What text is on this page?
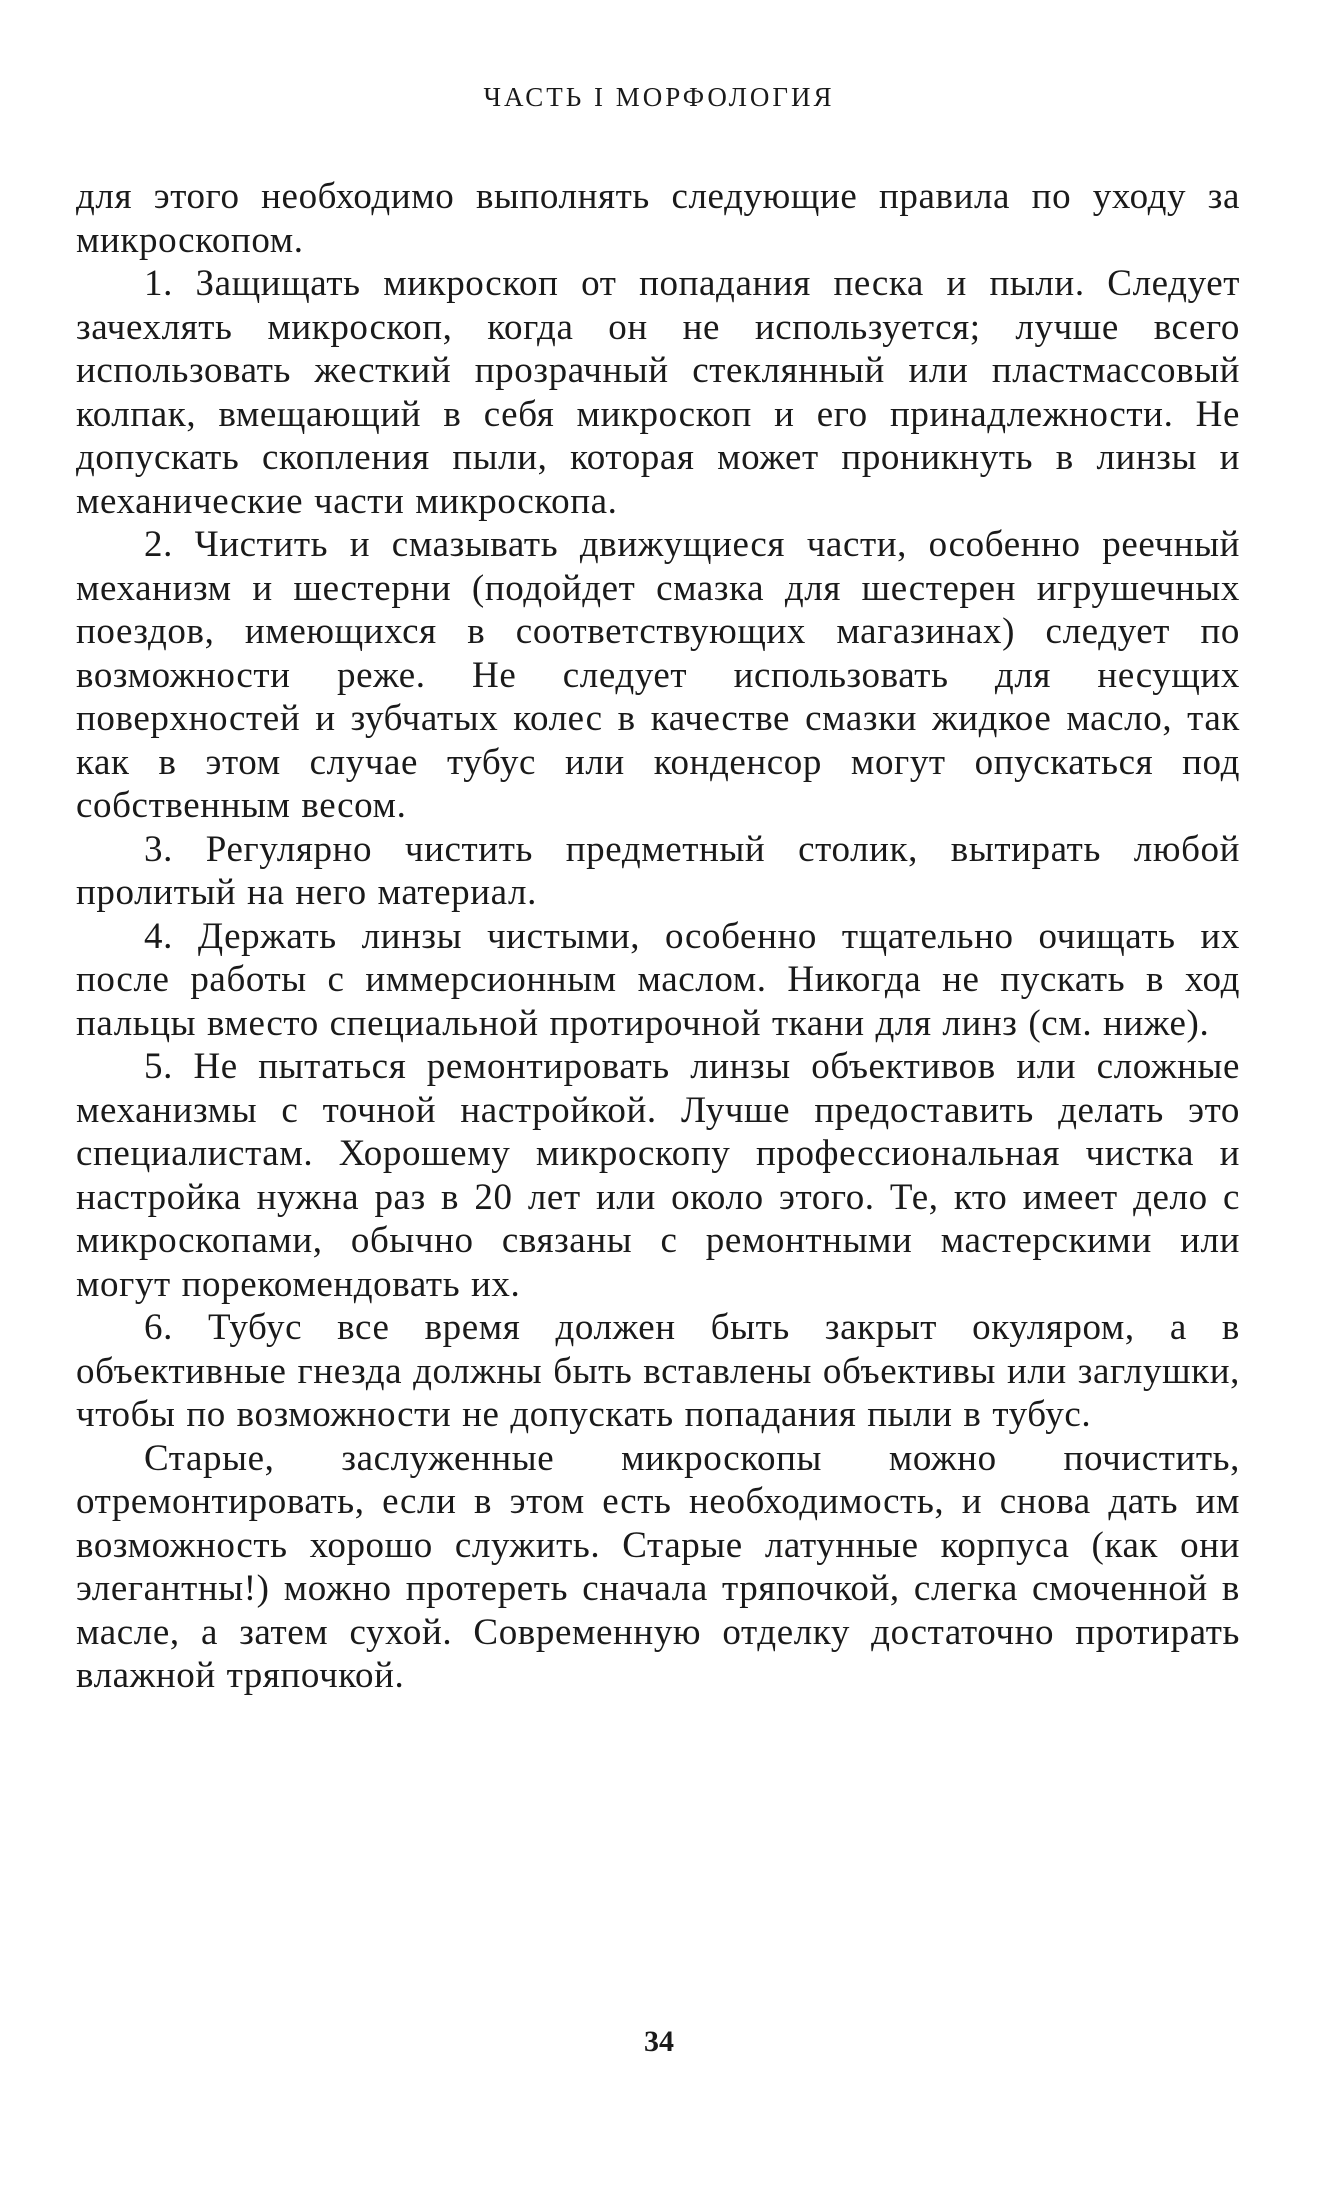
ЧАСТЬ I МОРФОЛОГИЯ

для этого необходимо выполнять следующие правила по уходу за микроскопом.

1. Защищать микроскоп от попадания песка и пыли. Следует зачехлять микроскоп, когда он не используется; лучше всего использовать жесткий прозрачный стеклянный или пластмассовый колпак, вмещающий в себя микроскоп и его принадлежности. Не допускать скопления пыли, которая может проникнуть в линзы и механические части микроскопа.

2. Чистить и смазывать движущиеся части, особенно реечный механизм и шестерни (подойдет смазка для шестерен игрушечных поездов, имеющихся в соответствующих магазинах) следует по возможности реже. Не следует использовать для несущих поверхностей и зубчатых колес в качестве смазки жидкое масло, так как в этом случае тубус или конденсор могут опускаться под собственным весом.

3. Регулярно чистить предметный столик, вытирать любой пролитый на него материал.

4. Держать линзы чистыми, особенно тщательно очищать их после работы с иммерсионным маслом. Никогда не пускать в ход пальцы вместо специальной протирочной ткани для линз (см. ниже).

5. Не пытаться ремонтировать линзы объективов или сложные механизмы с точной настройкой. Лучше предоставить делать это специалистам. Хорошему микроскопу профессиональная чистка и настройка нужна раз в 20 лет или около этого. Те, кто имеет дело с микроскопами, обычно связаны с ремонтными мастерскими или могут порекомендовать их.

6. Тубус все время должен быть закрыт окуляром, а в объективные гнезда должны быть вставлены объективы или заглушки, чтобы по возможности не допускать попадания пыли в тубус.

Старые, заслуженные микроскопы можно почистить, отремонтировать, если в этом есть необходимость, и снова дать им возможность хорошо служить. Старые латунные корпуса (как они элегантны!) можно протереть сначала тряпочкой, слегка смоченной в масле, а затем сухой. Современную отделку достаточно протирать влажной тряпочкой.

34
